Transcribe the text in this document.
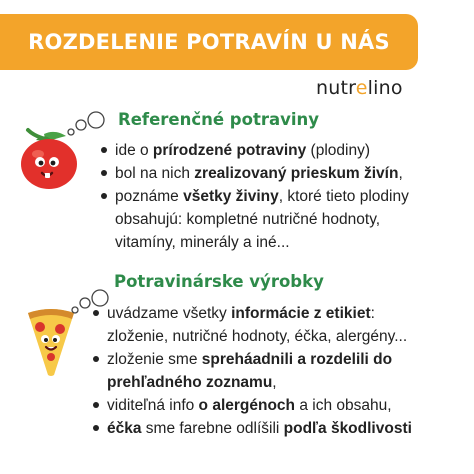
ROZDELENIE POTRAVÍN U NÁS
nutrelino
Referenčné potraviny
ide o prírodzené potraviny (plodiny)
bol na nich zrealizovaný prieskum živín,
poznáme všetky živiny, ktoré tieto plodiny
obsahujú: kompletné nutričné hodnoty,
vitamíny, minerály a iné...
Potravinárske výrobky
uvádzame všetky informácie z etikiet:
zloženie, nutričné hodnoty, éčka, alergény...
zloženie sme spreháadnili a rozdelili do
prehľadného zoznamu,
viditeľná info o alergénoch a ich obsahu,
éčka sme farebne odlíšili podľa škodlivosti
